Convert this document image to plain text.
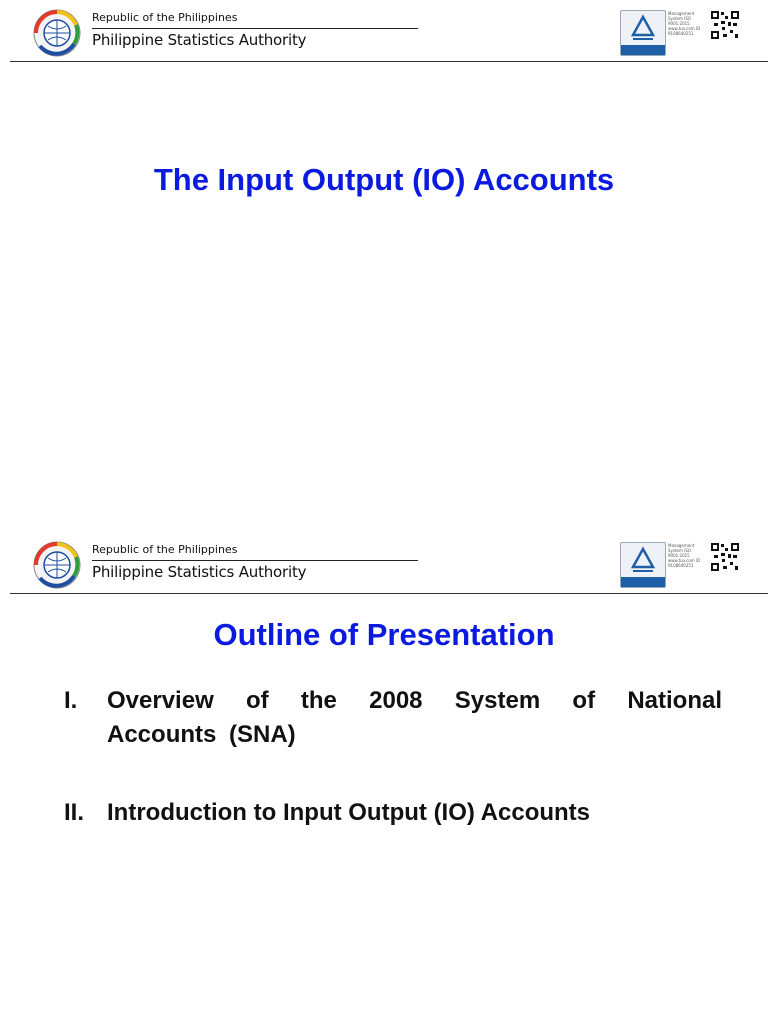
Republic of the Philippines
Philippine Statistics Authority
Management System ISO 9001:2015 www.tuv.com ID 9108640251
The Input Output (IO) Accounts
Republic of the Philippines
Philippine Statistics Authority
Management System ISO 9001:2015 www.tuv.com ID 9108640251
Outline of Presentation
I. Overview of the 2008 System of National Accounts (SNA)
II. Introduction to Input Output (IO) Accounts
